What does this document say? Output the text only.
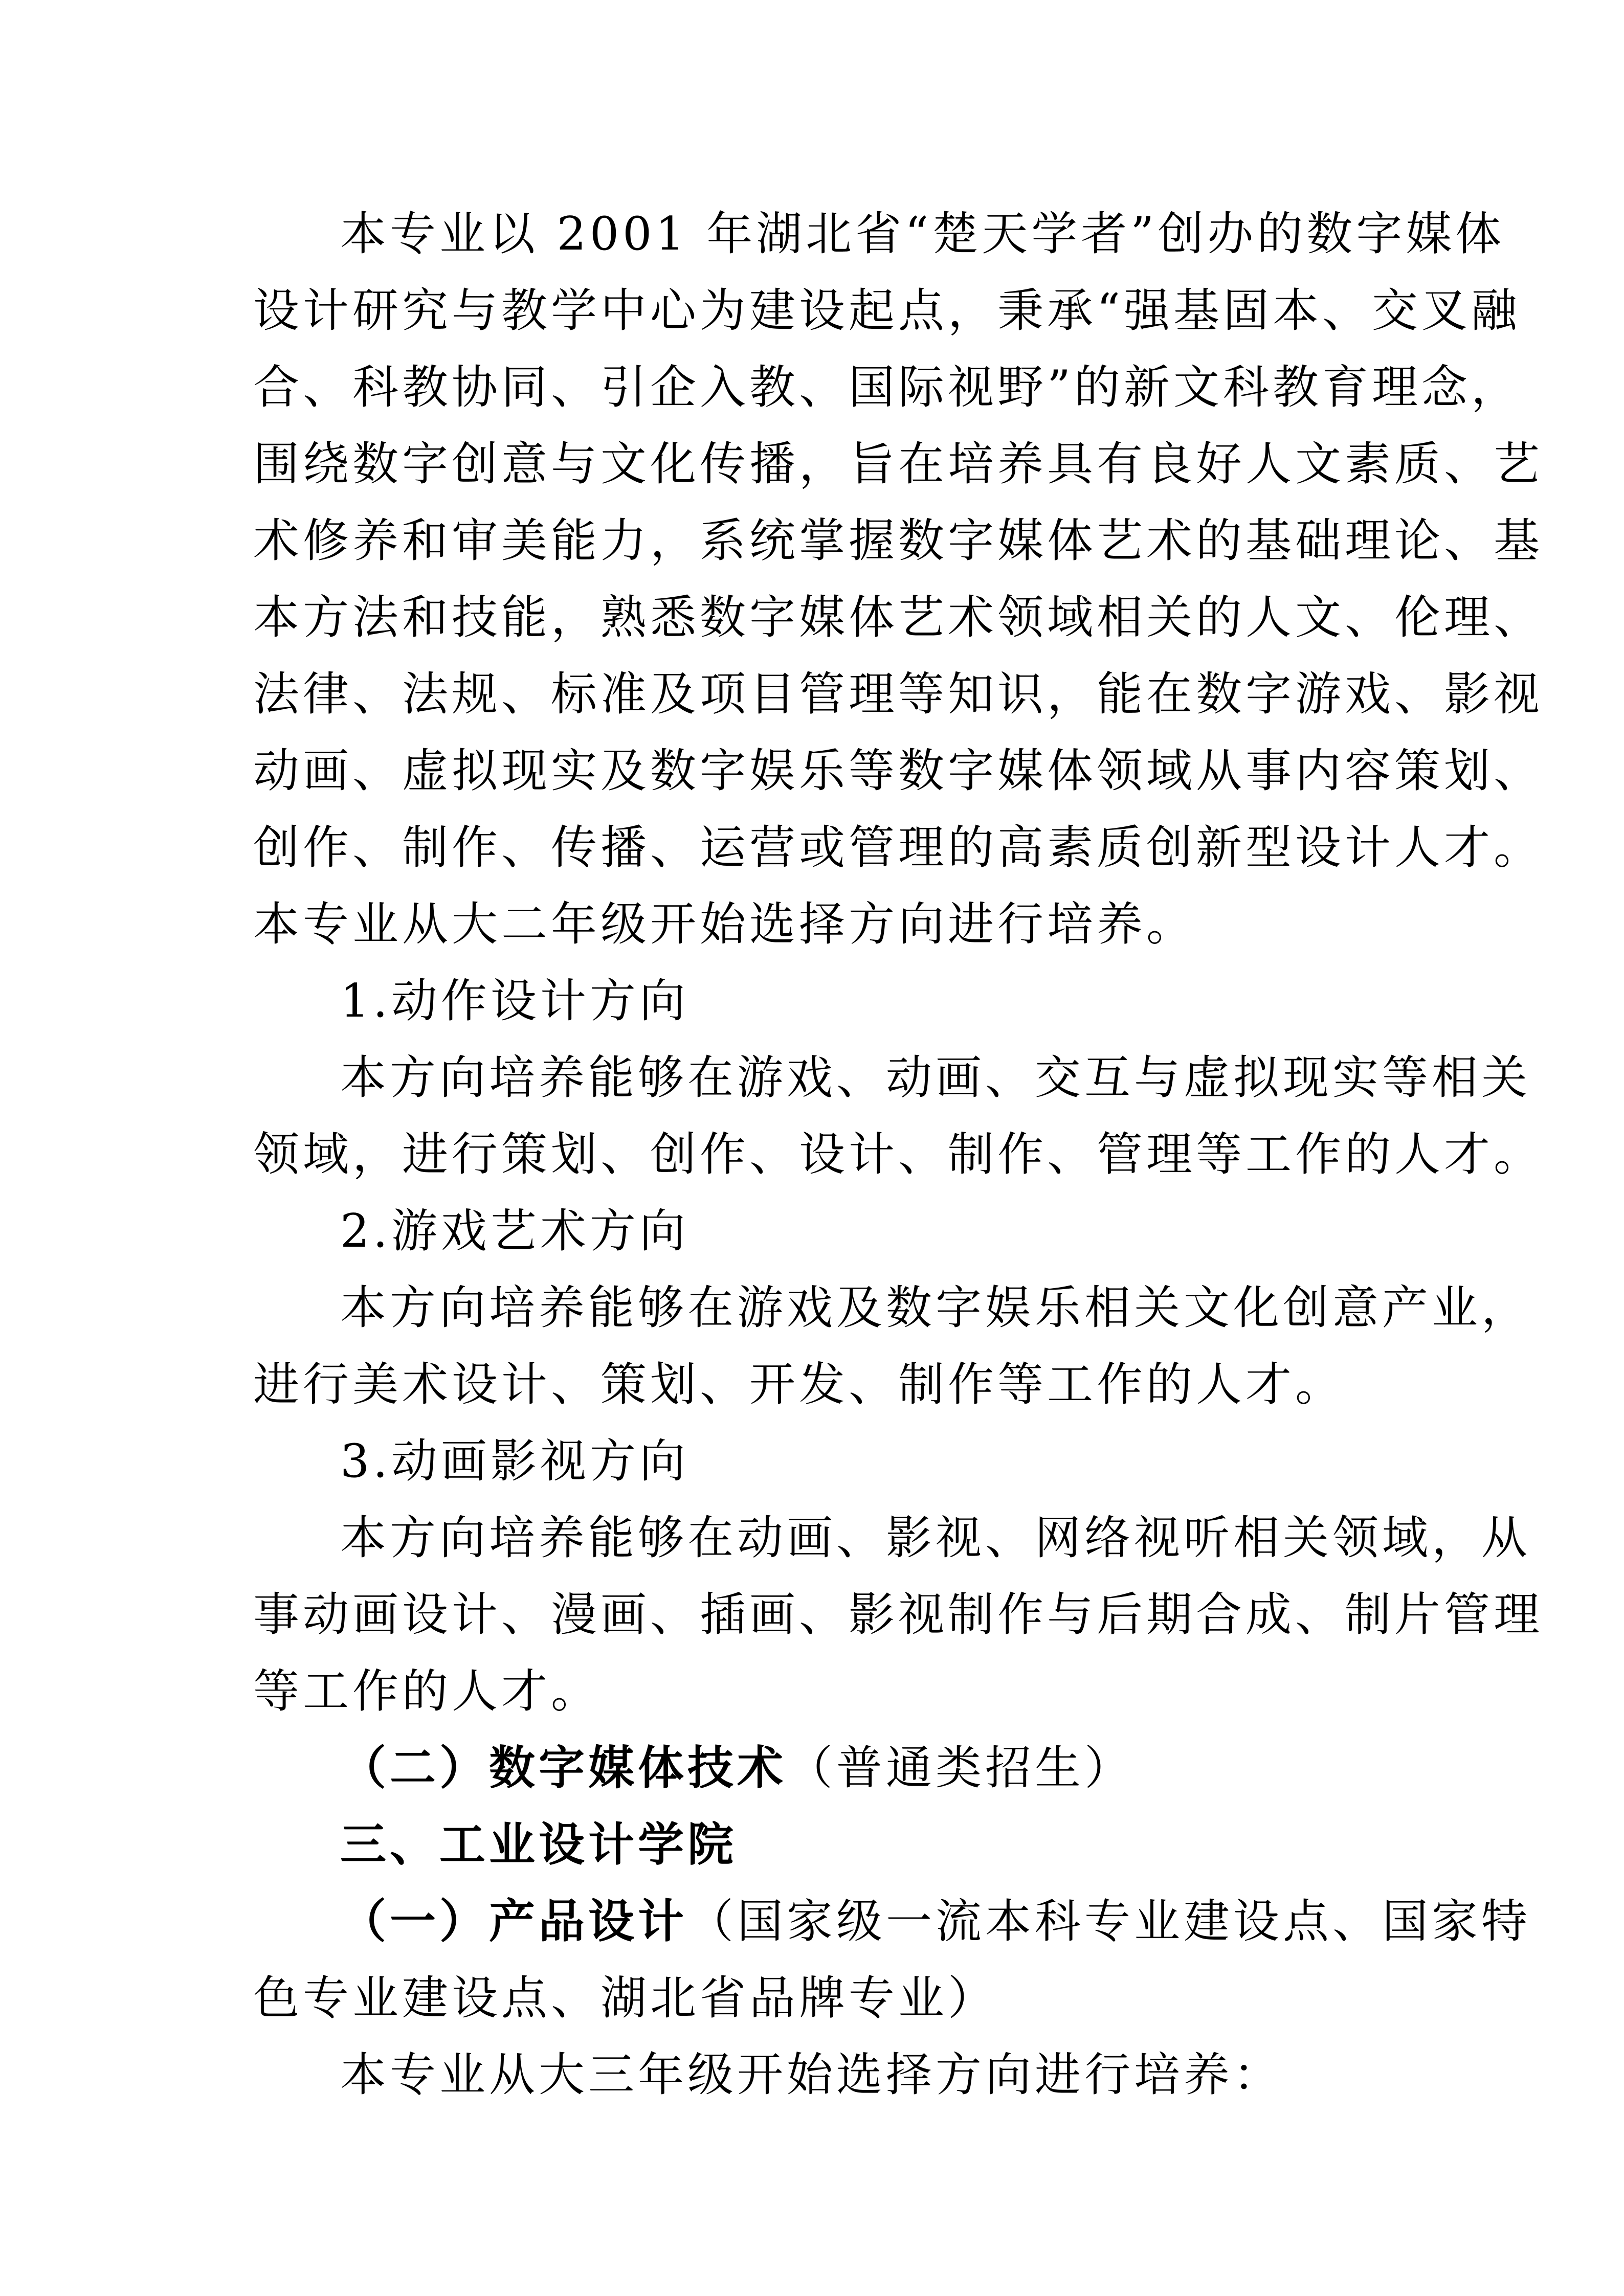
本专业以 2001 年湖北省“楚天学者”创办的数字媒体
设计研究与教学中心为建设起点，秉承“强基固本、交叉融
合、科教协同、引企入教、国际视野”的新文科教育理念，
围绕数字创意与文化传播，旨在培养具有良好人文素质、艺
术修养和审美能力，系统掌握数字媒体艺术的基础理论、基
本方法和技能，熟悉数字媒体艺术领域相关的人文、伦理、
法律、法规、标准及项目管理等知识，能在数字游戏、影视
动画、虚拟现实及数字娱乐等数字媒体领域从事内容策划、
创作、制作、传播、运营或管理的高素质创新型设计人才。
本专业从大二年级开始选择方向进行培养。
1.动作设计方向
本方向培养能够在游戏、动画、交互与虚拟现实等相关
领域，进行策划、创作、设计、制作、管理等工作的人才。
2.游戏艺术方向
本方向培养能够在游戏及数字娱乐相关文化创意产业，
进行美术设计、策划、开发、制作等工作的人才。
3.动画影视方向
本方向培养能够在动画、影视、网络视听相关领域，从
事动画设计、漫画、插画、影视制作与后期合成、制片管理
等工作的人才。
（二）数字媒体技术（普通类招生）
三、工业设计学院
（一）产品设计（国家级一流本科专业建设点、国家特
色专业建设点、湖北省品牌专业）
本专业从大三年级开始选择方向进行培养：
